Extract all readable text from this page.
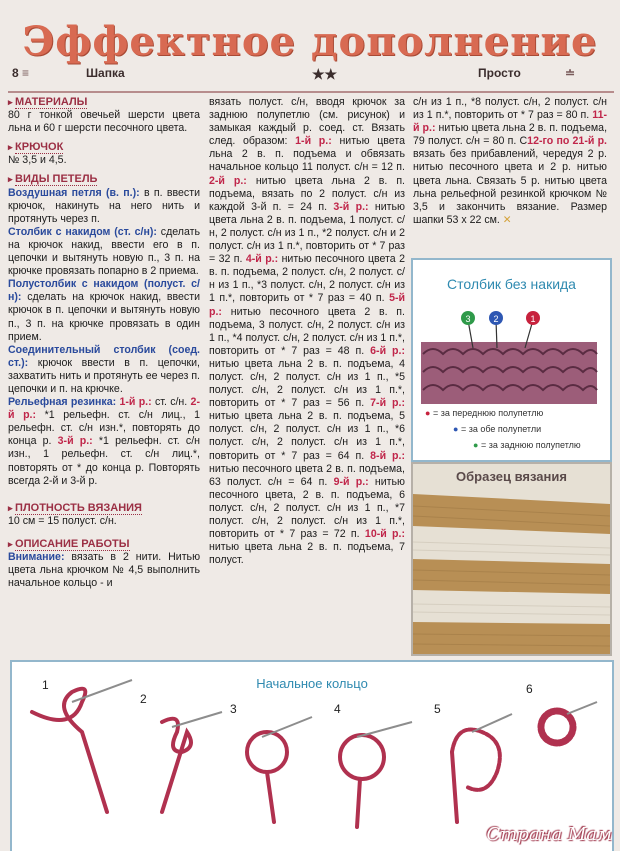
Эффектное дополнение
8 ≡	Шапка	★★	Просто	≐
▸ МАТЕРИАЛЫ

80 г тонкой овечьей шерсти цвета льна и 60 г шерсти песочного цвета.

▸ КРЮЧОК

№ 3,5 и 4,5.

▸ ВИДЫ ПЕТЕЛЬ

Воздушная петля (в. п.): в п. ввести крючок, накинуть на него нить и протянуть через п.

Столбик с накидом (ст. с/н): сделать на крючок накид, ввести его в п. цепочки и вытянуть новую п., 3 п. на крючке провязать попарно в 2 приема.

Полустолбик с накидом (полуст. с/н): сделать на крючок накид, ввести крючок в п. цепочки и вытянуть новую п., 3 п. на крючке провязать в один прием.

Соединительный столбик (соед. ст.): крючок ввести в п. цепочки, захватить нить и протянуть ее через п. цепочки и п. на крючке.

Рельефная резинка: 1-й р.: ст. с/н. 2-й р.: *1 рельефн. ст. с/н лиц., 1 рельефн. ст. с/н изн.*, повторять до конца р. 3-й р.: *1 рельефн. ст. с/н изн., 1 рельефн. ст. с/н лиц.*, повторять от * до конца р. Повторять всегда 2-й и 3-й р.

▸ ПЛОТНОСТЬ ВЯЗАНИЯ

10 см = 15 полуст. с/н.

▸ ОПИСАНИЕ РАБОТЫ

Внимание: вязать в 2 нити. Нитью цвета льна крючком № 4,5 выполнить начальное кольцо - и

вязать полуст. с/н, вводя крючок за заднюю полупетлю (см. рисунок) и замыкая каждый р. соед. ст. Вязать след. образом: 1-й р.: нитью цвета льна 2 в. п. подъема и обвязать начальное кольцо 11 полуст. с/н = 12 п. 2-й р.: нитью цвета льна 2 в. п. подъема, вязать по 2 полуст. с/н из каждой 3-й п. = 24 п. 3-й р.: нитью цвета льна 2 в. п. подъема, 1 полуст. с/н, 2 полуст. с/н из 1 п., *2 полуст. с/н и 2 полуст. с/н из 1 п.*, повторить от * 7 раз = 32 п. 4-й р.: нитью песочного цвета 2 в. п. подъема, 2 полуст. с/н, 2 полуст. с/н из 1 п., *3 полуст. с/н, 2 полуст. с/н из 1 п.*, повторить от * 7 раз = 40 п. 5-й р.: нитью песочного цвета 2 в. п. подъема, 3 полуст. с/н, 2 полуст. с/н из 1 п., *4 полуст. с/н, 2 полуст. с/н из 1 п.*, повторить от * 7 раз = 48 п. 6-й р.: нитью цвета льна 2 в. п. подъема, 4 полуст. с/н, 2 полуст. с/н из 1 п., *5 полуст. с/н, 2 полуст. с/н из 1 п.*, повторить от * 7 раз = 56 п. 7-й р.: нитью цвета льна 2 в. п. подъема, 5 полуст. с/н, 2 полуст. с/н из 1 п., *6 полуст. с/н, 2 полуст. с/н из 1 п.*, повторить от * 7 раз = 64 п. 8-й р.: нитью песочного цвета 2 в. п. подъема, 63 полуст. с/н = 64 п. 9-й р.: нитью песочного цвета, 2 в. п. подъема, 6 полуст. с/н, 2 полуст. с/н из 1 п., *7 полуст. с/н, 2 полуст. с/н из 1 п.*, повторить от * 7 раз = 72 п. 10-й р.: нитью цвета льна 2 в. п. подъема, 7 полуст.

с/н из 1 п., *8 полуст. с/н, 2 полуст. с/н из 1 п.*, повторить от * 7 раз = 80 п. 11-й р.: нитью цвета льна 2 в. п. подъема, 79 полуст. с/н = 80 п. С12-го по 21-й р. вязать без прибавлений, чередуя 2 р. нитью песочного цвета и 2 р. нитью цвета льна. Связать 5 р. нитью цвета льна рельефной резинкой крючком № 3,5 и закончить вязание. Размер шапки 53 х 22 см. ✕

Столбик без накида
3	2	1
● = за переднюю полупетлю
● = за обе полупетли
● = за заднюю полупетлю
Образец вязания
Начальное кольцо
1
2
3	4	5
6
Страна Мам
